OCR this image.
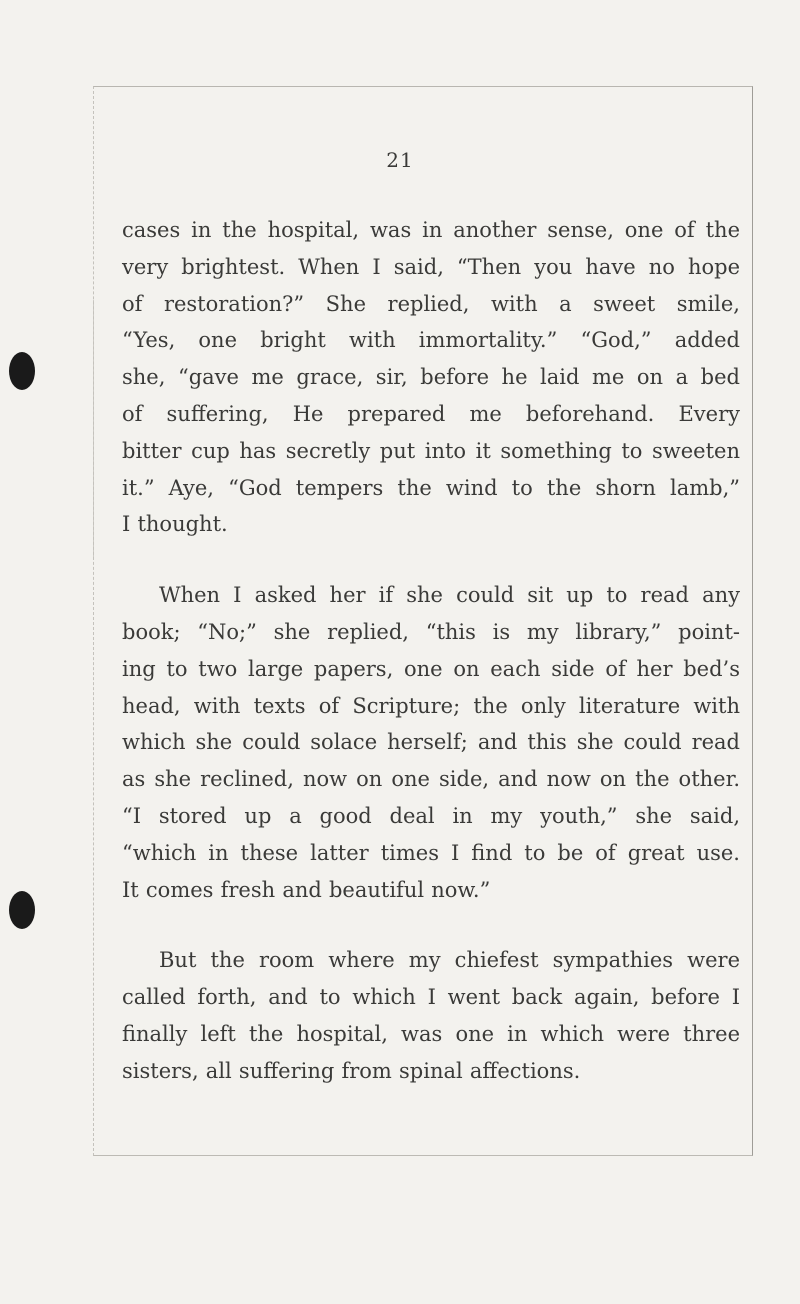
21

cases in the hospital, was in another sense, one of the
very brightest. When I said, “Then you have no hope
of restoration?” She replied, with a sweet smile,
“Yes, one bright with immortality.” “God,” added
she, “gave me grace, sir, before he laid me on a bed
of suffering, He prepared me beforehand. Every
bitter cup has secretly put into it something to sweeten
it.” Aye, “God tempers the wind to the shorn lamb,”
I thought.

When I asked her if she could sit up to read any
book; “No;” she replied, “this is my library,” point-
ing to two large papers, one on each side of her bed’s
head, with texts of Scripture; the only literature with
which she could solace herself; and this she could read
as she reclined, now on one side, and now on the other.
“I stored up a good deal in my youth,” she said,
“which in these latter times I find to be of great use.
It comes fresh and beautiful now.”

But the room where my chiefest sympathies were
called forth, and to which I went back again, before I
finally left the hospital, was one in which were three
sisters, all suffering from spinal affections.
